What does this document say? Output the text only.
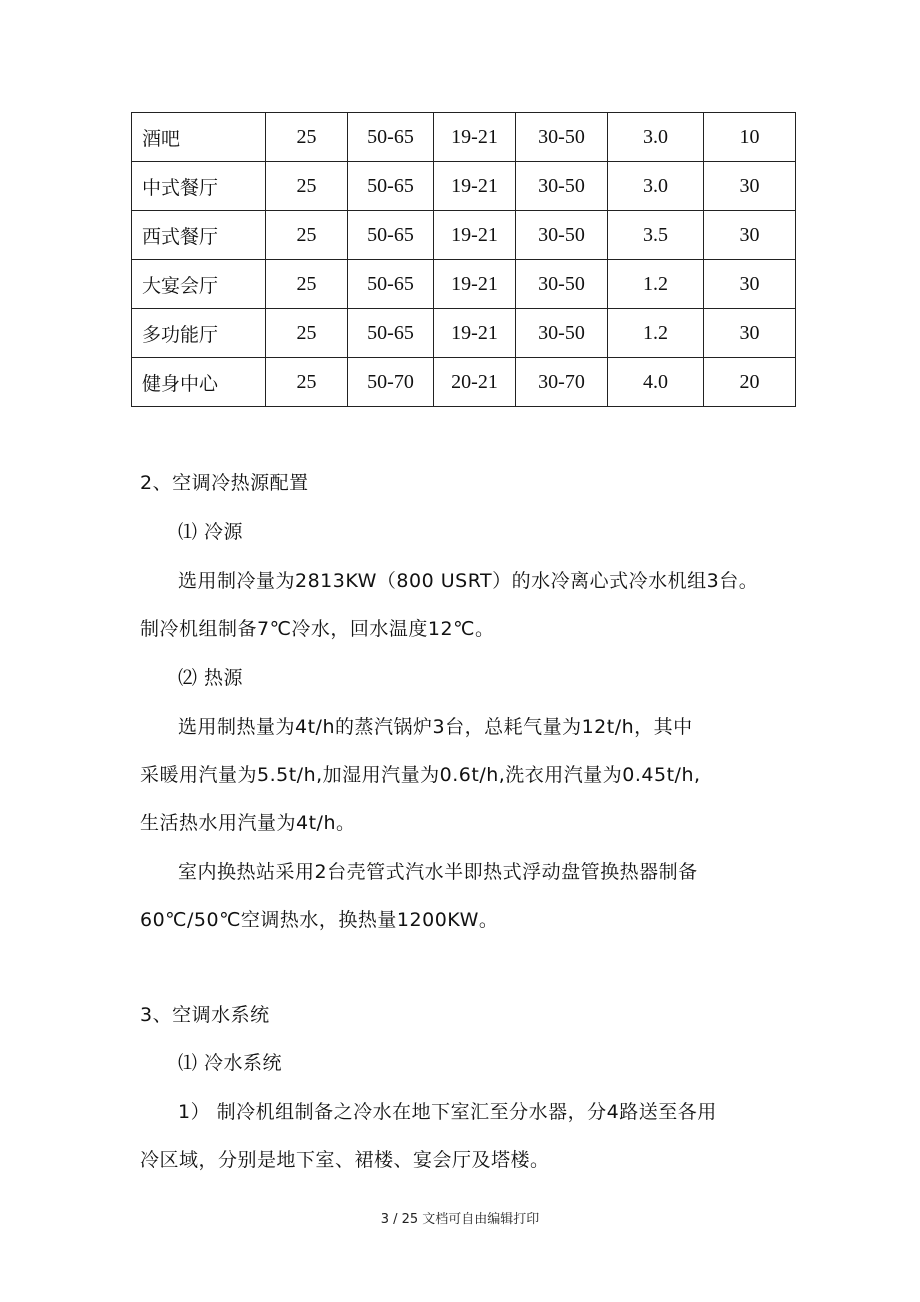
酒吧	25	50-65	19-21	30-50	3.0	10
中式餐厅	25	50-65	19-21	30-50	3.0	30
西式餐厅	25	50-65	19-21	30-50	3.5	30
大宴会厅	25	50-65	19-21	30-50	1.2	30
多功能厅	25	50-65	19-21	30-50	1.2	30
健身中心	25	50-70	20-21	30-70	4.0	20
2、空调冷热源配置
⑴ 冷源
选用制冷量为2813KW（800 USRT）的水冷离心式冷水机组3台。
制冷机组制备7℃冷水，回水温度12℃。
⑵ 热源
选用制热量为4t/h的蒸汽锅炉3台，总耗气量为12t/h，其中
采暖用汽量为5.5t/h,加湿用汽量为0.6t/h,洗衣用汽量为0.45t/h,
生活热水用汽量为4t/h。
室内换热站采用2台壳管式汽水半即热式浮动盘管换热器制备
60℃/50℃空调热水，换热量1200KW。
3、空调水系统
⑴ 冷水系统
1） 制冷机组制备之冷水在地下室汇至分水器，分4路送至各用
冷区域，分别是地下室、裙楼、宴会厅及塔楼。
3 / 25 文档可自由编辑打印
